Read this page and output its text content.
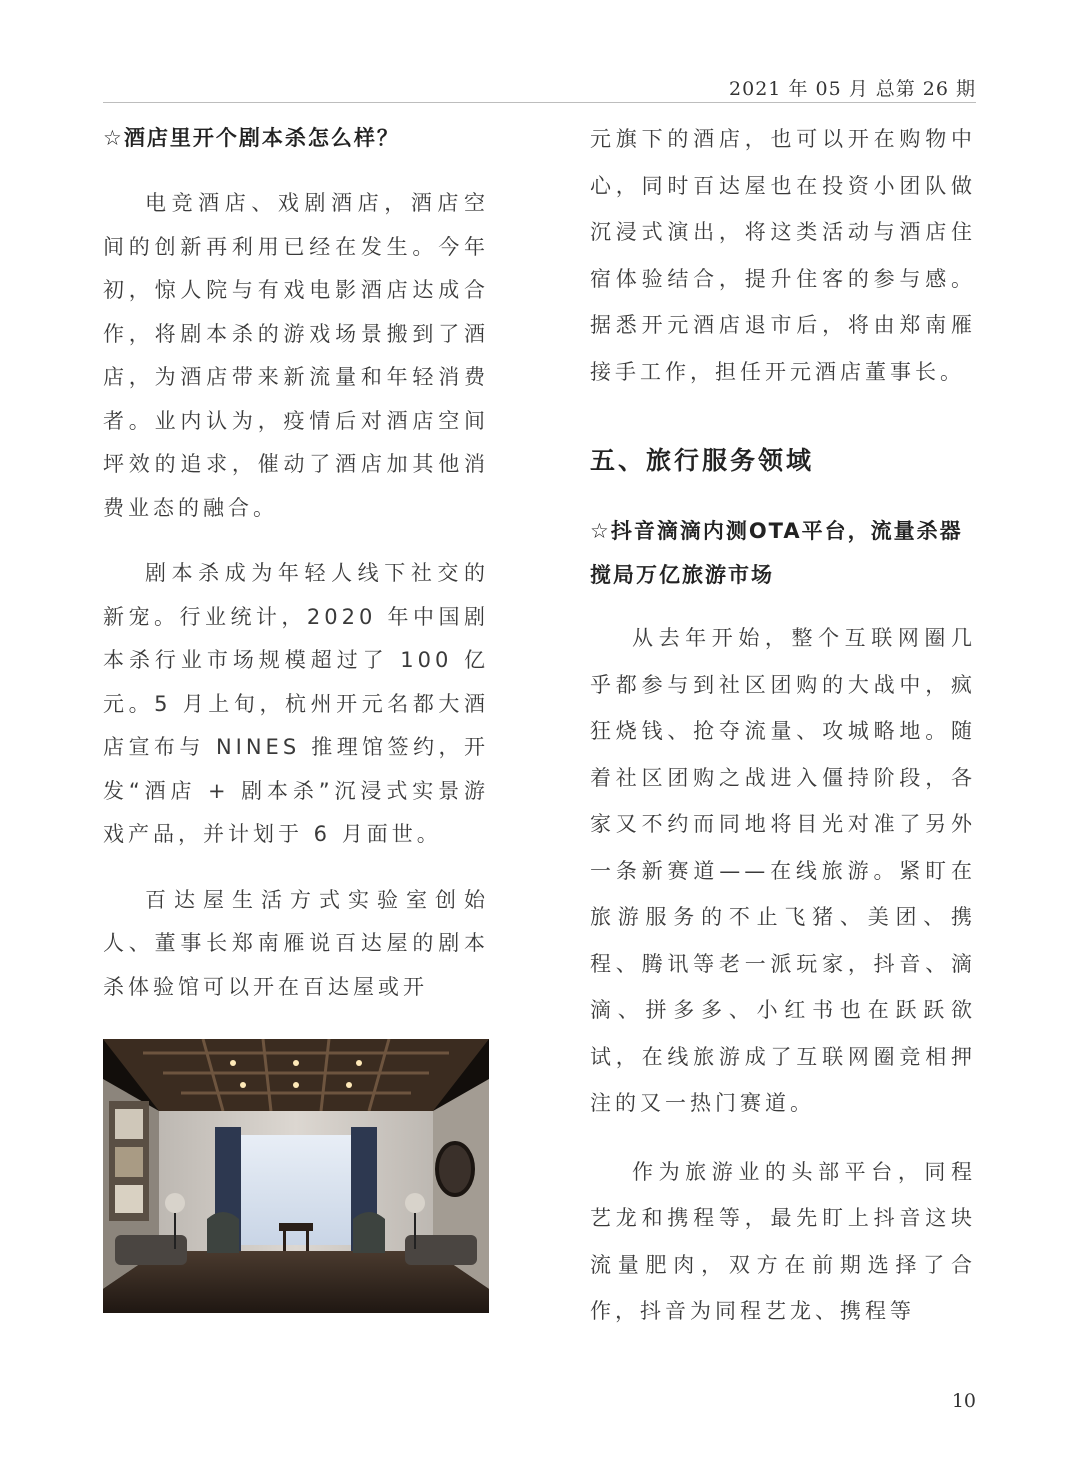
2021 年 05 月 总第 26 期

☆酒店里开个剧本杀怎么样？

电竞酒店、戏剧酒店，酒店空间的创新再利用已经在发生。今年初，惊人院与有戏电影酒店达成合作，将剧本杀的游戏场景搬到了酒店，为酒店带来新流量和年轻消费者。业内认为，疫情后对酒店空间坪效的追求，催动了酒店加其他消费业态的融合。

剧本杀成为年轻人线下社交的新宠。行业统计，2020 年中国剧本杀行业市场规模超过了 100 亿元。5 月上旬，杭州开元名都大酒店宣布与 NINES 推理馆签约，开发“酒店 + 剧本杀”沉浸式实景游戏产品，并计划于 6 月面世。

百达屋生活方式实验室创始人、董事长郑南雁说百达屋的剧本杀体验馆可以开在百达屋或开

元旗下的酒店，也可以开在购物中心，同时百达屋也在投资小团队做沉浸式演出，将这类活动与酒店住宿体验结合，提升住客的参与感。据悉开元酒店退市后，将由郑南雁接手工作，担任开元酒店董事长。

五、旅行服务领域

☆抖音滴滴内测OTA平台，流量杀器搅局万亿旅游市场

从去年开始，整个互联网圈几乎都参与到社区团购的大战中，疯狂烧钱、抢夺流量、攻城略地。随着社区团购之战进入僵持阶段，各家又不约而同地将目光对准了另外一条新赛道——在线旅游。紧盯在旅游服务的不止飞猪、美团、携程、腾讯等老一派玩家，抖音、滴滴、拼多多、小红书也在跃跃欲试，在线旅游成了互联网圈竞相押注的又一热门赛道。

作为旅游业的头部平台，同程艺龙和携程等，最先盯上抖音这块流量肥肉，双方在前期选择了合作，抖音为同程艺龙、携程等

10
